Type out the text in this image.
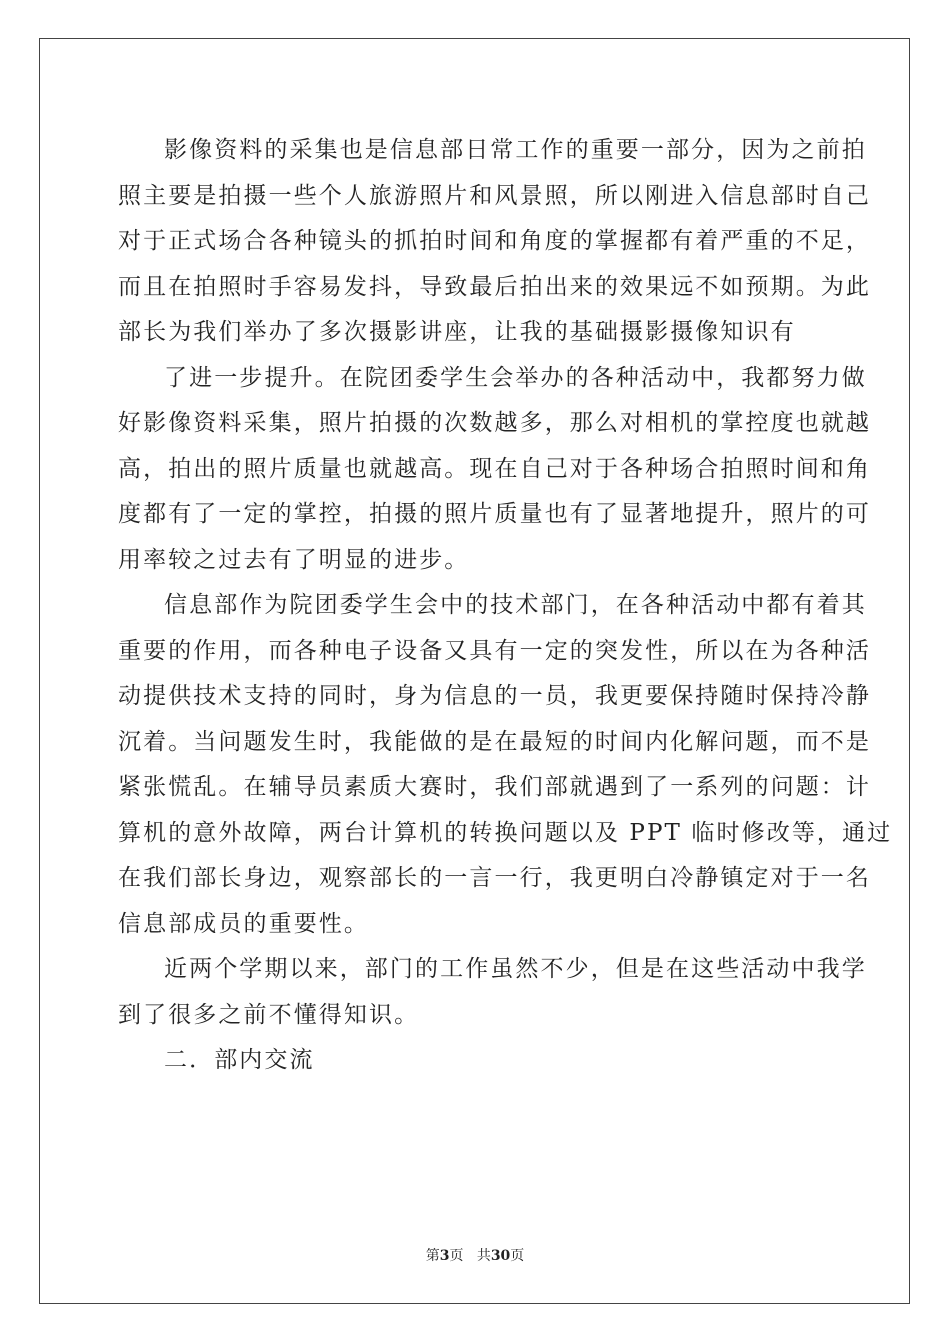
影像资料的采集也是信息部日常工作的重要一部分，因为之前拍
照主要是拍摄一些个人旅游照片和风景照，所以刚进入信息部时自己
对于正式场合各种镜头的抓拍时间和角度的掌握都有着严重的不足，
而且在拍照时手容易发抖，导致最后拍出来的效果远不如预期。为此
部长为我们举办了多次摄影讲座，让我的基础摄影摄像知识有
了进一步提升。在院团委学生会举办的各种活动中，我都努力做
好影像资料采集，照片拍摄的次数越多，那么对相机的掌控度也就越
高，拍出的照片质量也就越高。现在自己对于各种场合拍照时间和角
度都有了一定的掌控，拍摄的照片质量也有了显著地提升，照片的可
用率较之过去有了明显的进步。
信息部作为院团委学生会中的技术部门，在各种活动中都有着其
重要的作用，而各种电子设备又具有一定的突发性，所以在为各种活
动提供技术支持的同时，身为信息的一员，我更要保持随时保持冷静
沉着。当问题发生时，我能做的是在最短的时间内化解问题，而不是
紧张慌乱。在辅导员素质大赛时，我们部就遇到了一系列的问题：计
算机的意外故障，两台计算机的转换问题以及 PPT 临时修改等，通过
在我们部长身边，观察部长的一言一行，我更明白冷静镇定对于一名
信息部成员的重要性。
近两个学期以来，部门的工作虽然不少，但是在这些活动中我学
到了很多之前不懂得知识。
二．部内交流
第3页 共30页
